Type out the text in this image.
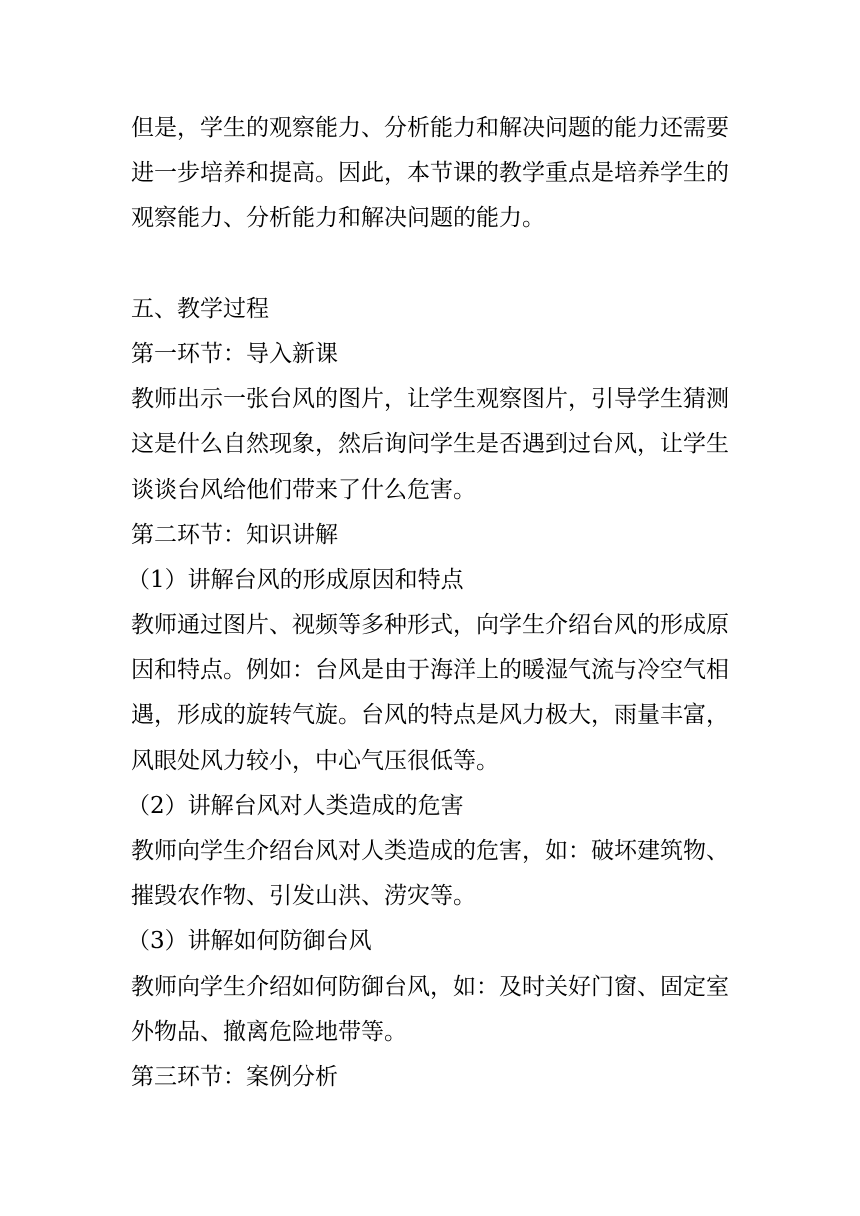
但是，学生的观察能力、分析能力和解决问题的能力还需要
进一步培养和提高。因此，本节课的教学重点是培养学生的
观察能力、分析能力和解决问题的能力。
五、教学过程
第一环节：导入新课
教师出示一张台风的图片，让学生观察图片，引导学生猜测
这是什么自然现象，然后询问学生是否遇到过台风，让学生
谈谈台风给他们带来了什么危害。
第二环节：知识讲解
（1）讲解台风的形成原因和特点
教师通过图片、视频等多种形式，向学生介绍台风的形成原
因和特点。例如：台风是由于海洋上的暖湿气流与冷空气相
遇，形成的旋转气旋。台风的特点是风力极大，雨量丰富，
风眼处风力较小，中心气压很低等。
（2）讲解台风对人类造成的危害
教师向学生介绍台风对人类造成的危害，如：破坏建筑物、
摧毁农作物、引发山洪、涝灾等。
（3）讲解如何防御台风
教师向学生介绍如何防御台风，如：及时关好门窗、固定室
外物品、撤离危险地带等。
第三环节：案例分析
